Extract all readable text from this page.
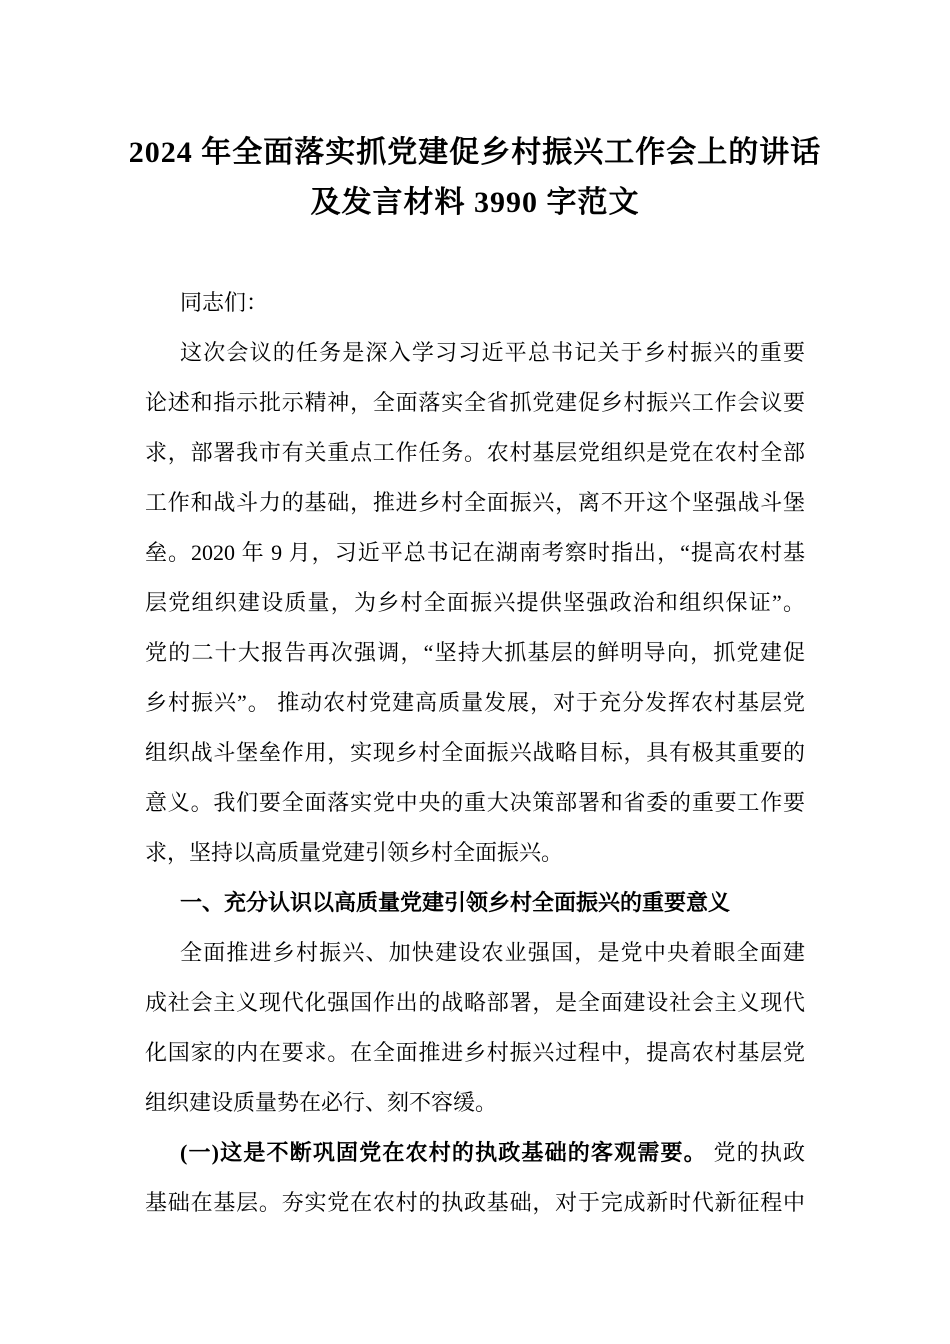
2024 年全面落实抓党建促乡村振兴工作会上的讲话
及发言材料 3990 字范文
同志们：
这次会议的任务是深入学习习近平总书记关于乡村振兴的重要
论述和指示批示精神，全面落实全省抓党建促乡村振兴工作会议要
求，部署我市有关重点工作任务。农村基层党组织是党在农村全部
工作和战斗力的基础，推进乡村全面振兴，离不开这个坚强战斗堡
垒。2020 年 9 月，习近平总书记在湖南考察时指出，“提高农村基
层党组织建设质量，为乡村全面振兴提供坚强政治和组织保证”。
党的二十大报告再次强调，“坚持大抓基层的鲜明导向，抓党建促
乡村振兴”。 推动农村党建高质量发展，对于充分发挥农村基层党
组织战斗堡垒作用，实现乡村全面振兴战略目标，具有极其重要的
意义。我们要全面落实党中央的重大决策部署和省委的重要工作要
求，坚持以高质量党建引领乡村全面振兴。
一、充分认识以高质量党建引领乡村全面振兴的重要意义
全面推进乡村振兴、加快建设农业强国，是党中央着眼全面建
成社会主义现代化强国作出的战略部署，是全面建设社会主义现代
化国家的内在要求。在全面推进乡村振兴过程中，提高农村基层党
组织建设质量势在必行、刻不容缓。
(一)这是不断巩固党在农村的执政基础的客观需要。 党的执政
基础在基层。夯实党在农村的执政基础，对于完成新时代新征程中
